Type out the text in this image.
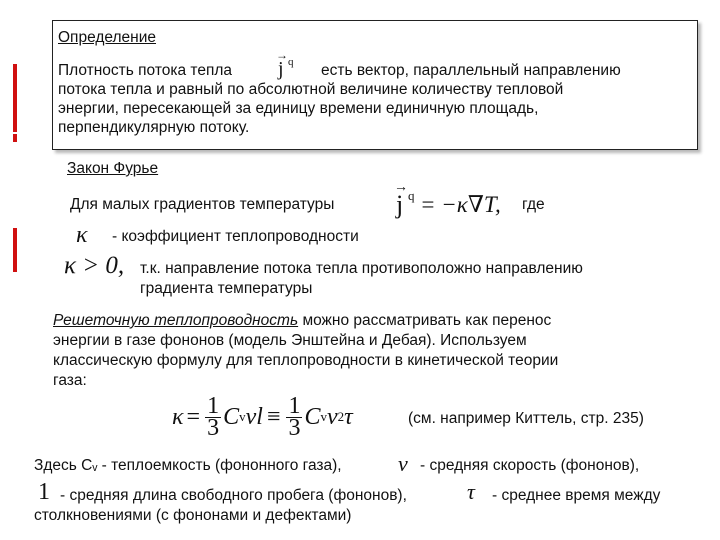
Определение
Плотность потока тепла
→
j q есть вектор, параллельный направлению
потока тепла и равный по абсолютной величине количеству тепловой
энергии, пересекающей за единицу времени единичную площадь,
перпендикулярную потоку.
Закон Фурье
Для малых градиентов температуры
→
j q = −κ∇T, где
κ - коэффициент теплопроводности
κ > 0, т.к. направление потока тепла противоположно направлению
градиента температуры
Решеточную теплопроводность можно рассматривать как перенос
энергии в газе фононов (модель Энштейна и Дебая). Используем
классическую формулу для теплопроводности в кинетической теории
газа:
$\kappa = \frac{1}{3}$ C v v $l \equiv \frac{1}{3}$ C v v 2 τ	(см. например Киттель, стр. 235)
Здесь Cᵥ - теплоемкость (фононного газа),	v - средняя скорость (фононов),
1 - средняя длина свободного пробега (фононов),	τ - среднее время между
столкновениями (с фононами и дефектами)
